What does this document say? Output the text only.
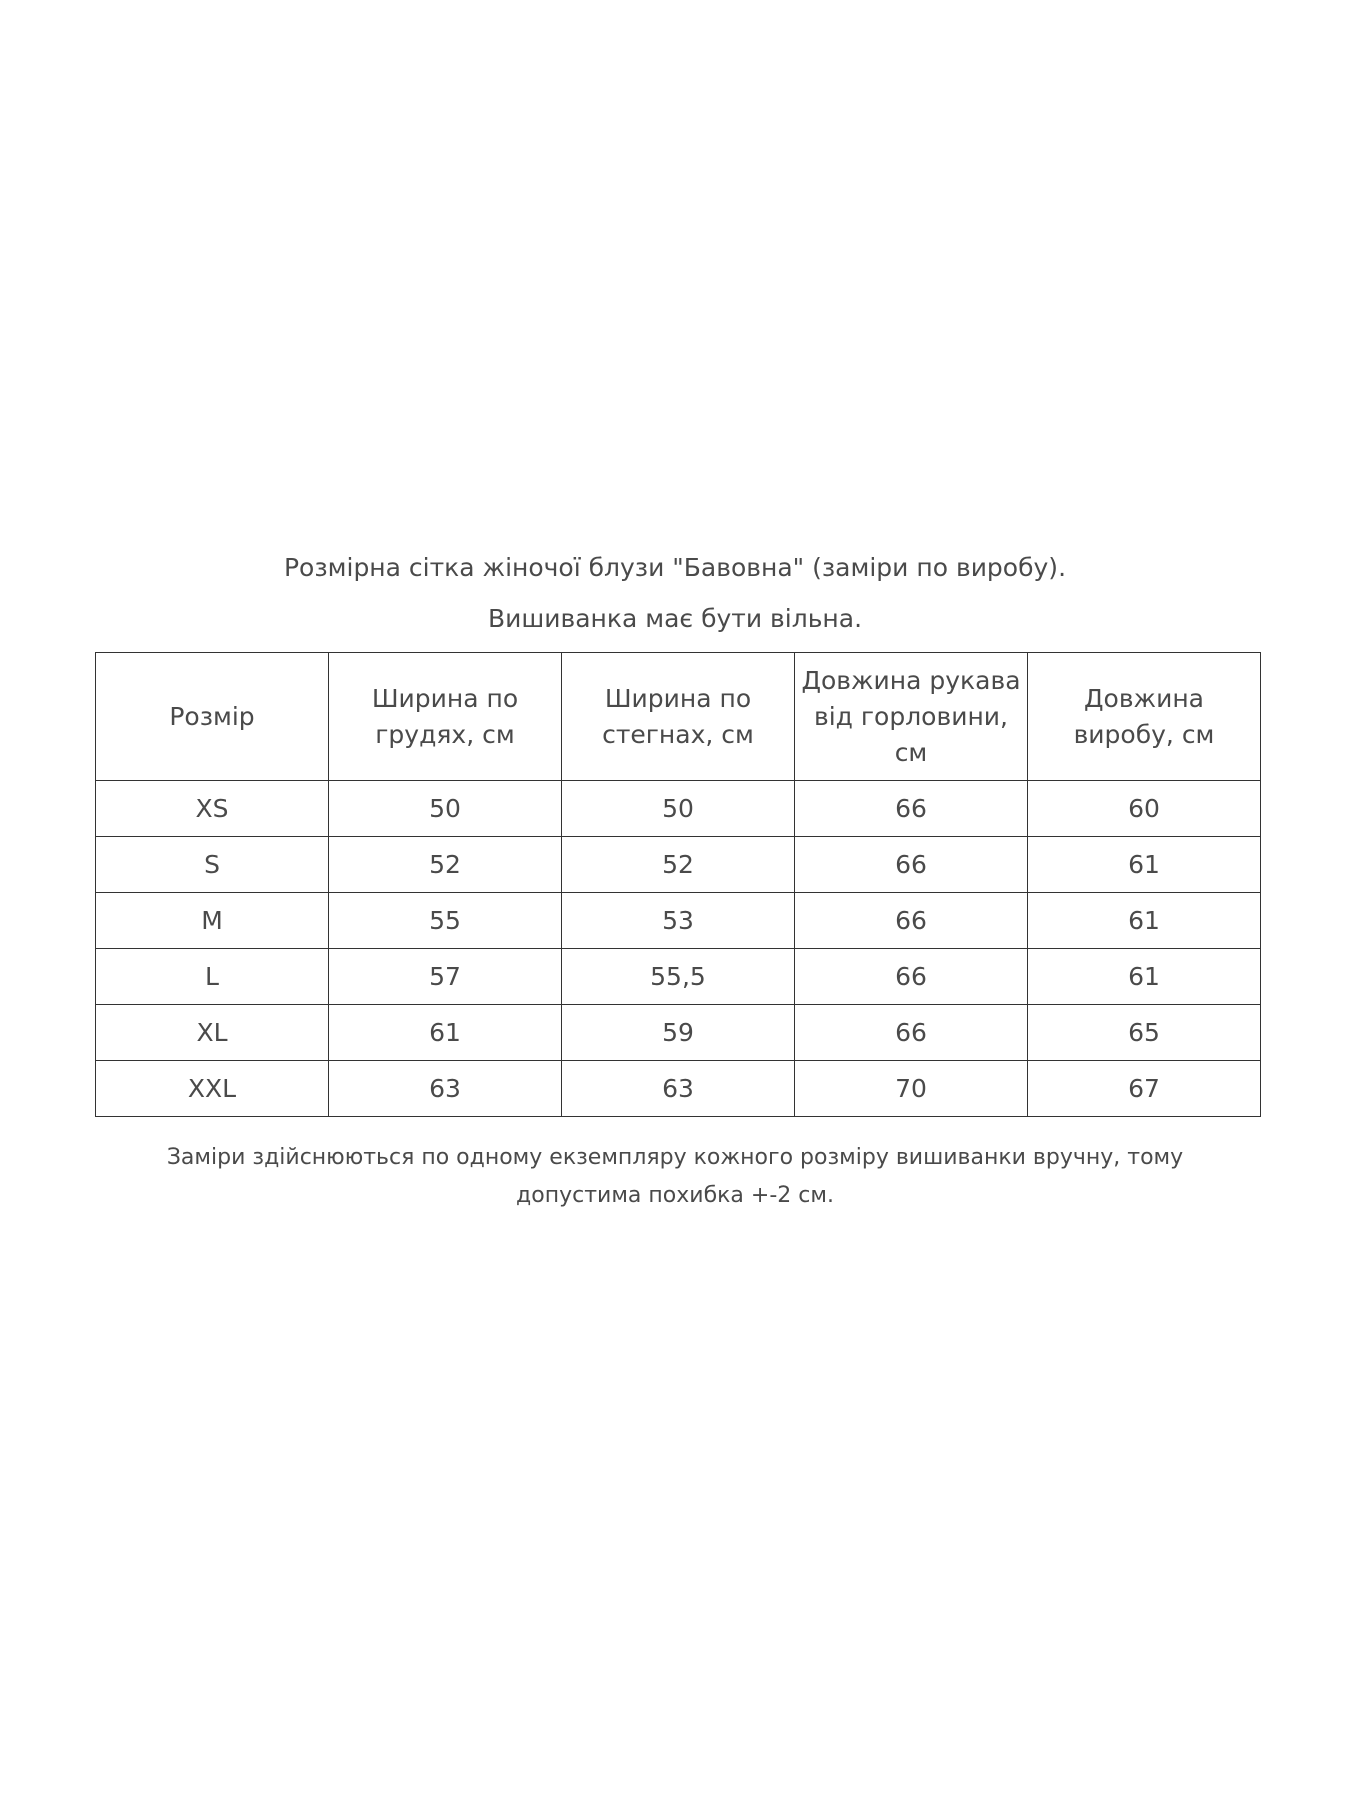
Розмірна сітка жіночої блузи "Бавовна" (заміри по виробу).
Вишиванка має бути вільна.
Розмір	Ширина по грудях, см	Ширина по стегнах, см	Довжина рукава від горловини, см	Довжина виробу, см
XS	50	50	66	60
S	52	52	66	61
M	55	53	66	61
L	57	55,5	66	61
XL	61	59	66	65
XXL	63	63	70	67
Заміри здійснюються по одному екземпляру кожного розміру вишиванки вручну, тому допустима похибка +-2 см.
